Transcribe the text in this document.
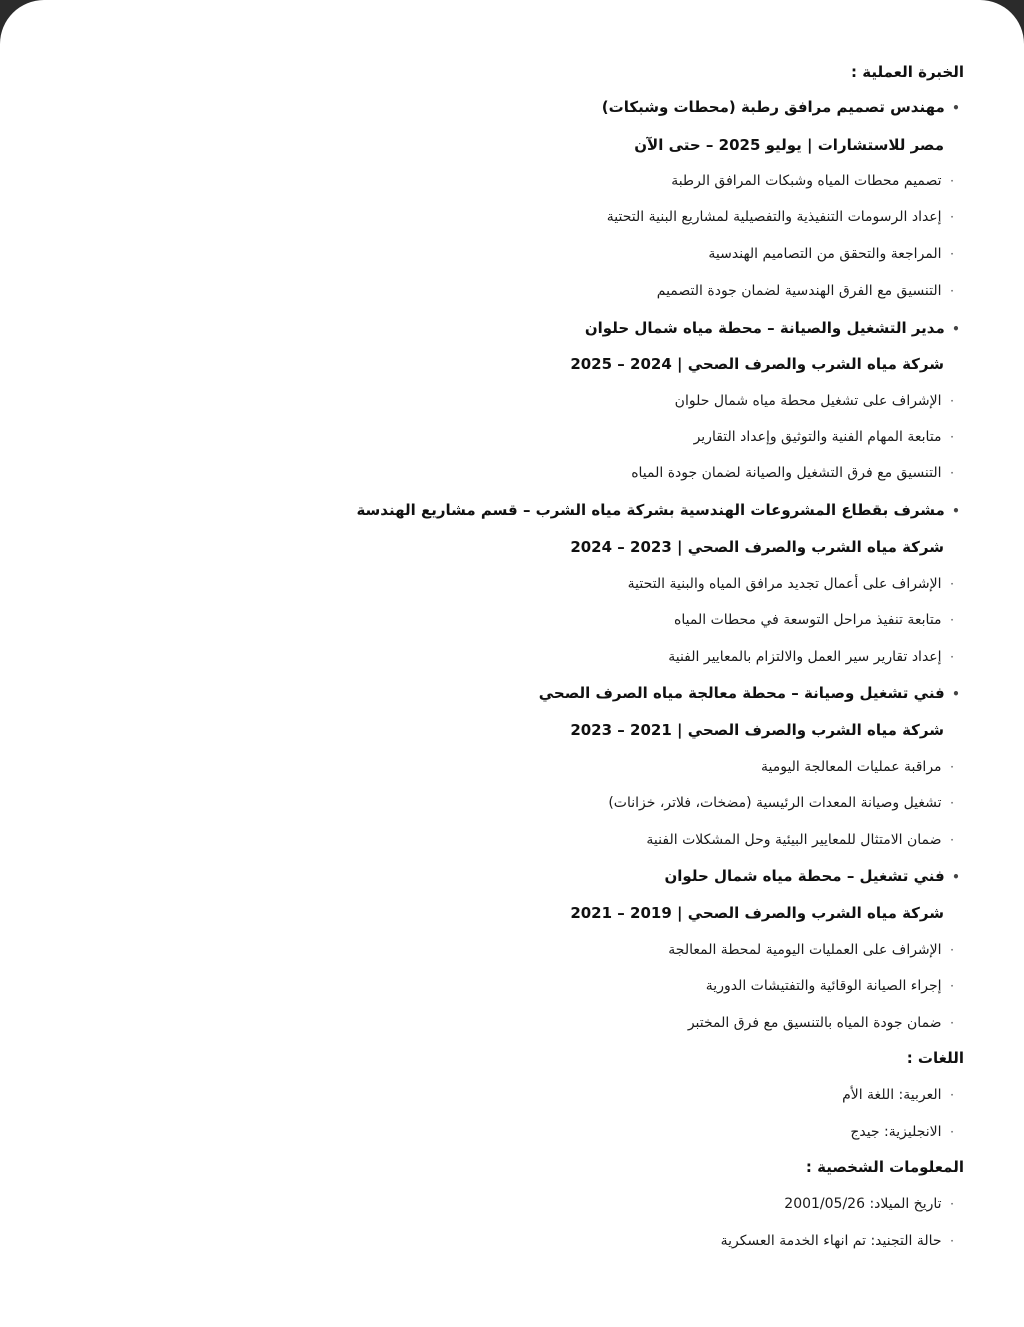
الخبرة العملية :
• مهندس تصميم مرافق رطبة (محطات وشبكات)
مصر للاستشارات | يوليو 2025 – حتى الآن
· تصميم محطات المياه وشبكات المرافق الرطبة
· إعداد الرسومات التنفيذية والتفصيلية لمشاريع البنية التحتية
· المراجعة والتحقق من التصاميم الهندسية
· التنسيق مع الفرق الهندسية لضمان جودة التصميم
• مدير التشغيل والصيانة – محطة مياه شمال حلوان
شركة مياه الشرب والصرف الصحي | 2024 – 2025
· الإشراف على تشغيل محطة مياه شمال حلوان
· متابعة المهام الفنية والتوثيق وإعداد التقارير
· التنسيق مع فرق التشغيل والصيانة لضمان جودة المياه
• مشرف بقطاع المشروعات الهندسية بشركة مياه الشرب – قسم مشاريع الهندسة
شركة مياه الشرب والصرف الصحي | 2023 – 2024
· الإشراف على أعمال تجديد مرافق المياه والبنية التحتية
· متابعة تنفيذ مراحل التوسعة في محطات المياه
· إعداد تقارير سير العمل والالتزام بالمعايير الفنية
• فني تشغيل وصيانة – محطة معالجة مياه الصرف الصحي
شركة مياه الشرب والصرف الصحي | 2021 – 2023
· مراقبة عمليات المعالجة اليومية
· تشغيل وصيانة المعدات الرئيسية (مضخات، فلاتر، خزانات)
· ضمان الامتثال للمعايير البيئية وحل المشكلات الفنية
• فني تشغيل – محطة مياه شمال حلوان
شركة مياه الشرب والصرف الصحي | 2019 – 2021
· الإشراف على العمليات اليومية لمحطة المعالجة
· إجراء الصيانة الوقائية والتفتيشات الدورية
· ضمان جودة المياه بالتنسيق مع فرق المختبر
اللغات :
· العربية: اللغة الأم
· الانجليزية: جيدج
المعلومات الشخصية :
· تاريخ الميلاد: 2001/05/26
· حالة التجنيد: تم انهاء الخدمة العسكرية
